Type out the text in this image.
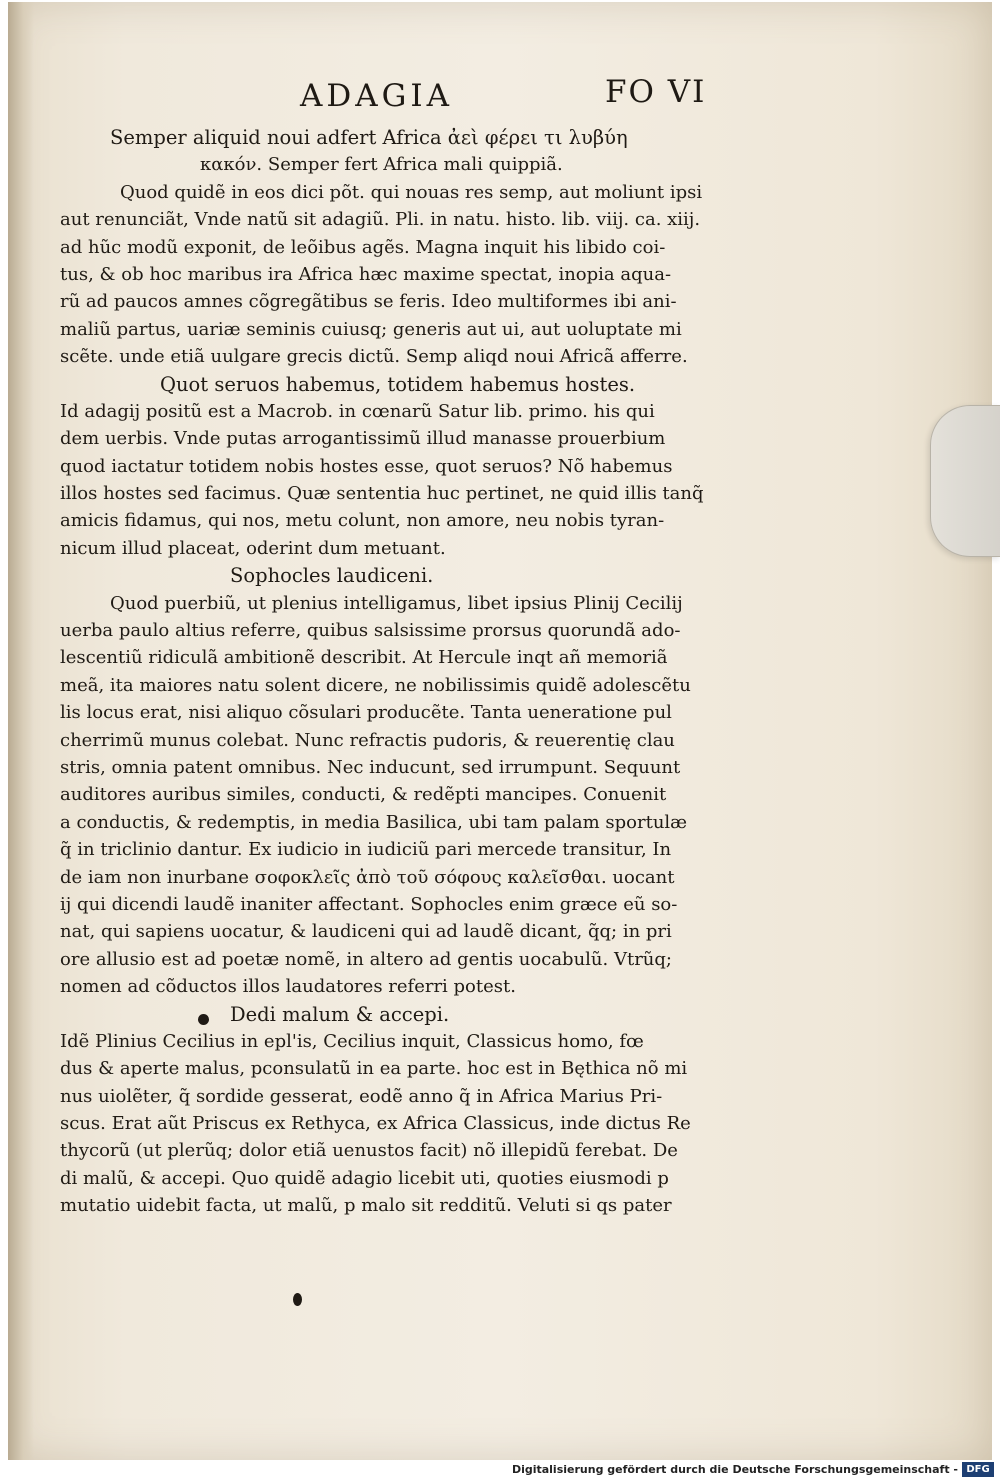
ADAGIA	FO VI
Semper aliquid noui adfert Africa ἀεὶ φέρει τι λυβύη
κακόν. Semper fert Africa mali quippiã.
Quod quidẽ in eos dici põt. qui nouas res semp, aut moliunt ipsi
aut renunciãt, Vnde natũ sit adagiũ. Pli. in natu. histo. lib. viij. ca. xiij.
ad hũc modũ exponit, de leõibus agẽs. Magna inquit his libido coi-
tus, & ob hoc maribus ira Africa hæc maxime spectat, inopia aqua-
rũ ad paucos amnes cõgregãtibus se feris. Ideo multiformes ibi ani-
maliũ partus, uariæ seminis cuiusq; generis aut ui, aut uoluptate mi
scẽte. unde etiã uulgare grecis dictũ. Semp aliqd noui Africã afferre.
Quot seruos habemus, totidem habemus hostes.
Id adagij positũ est a Macrob. in cœnarũ Satur lib. primo. his qui
dem uerbis. Vnde putas arrogantissimũ illud manasse prouerbium
quod iactatur totidem nobis hostes esse, quot seruos? Nõ habemus
illos hostes sed facimus. Quæ sententia huc pertinet, ne quid illis tanq̃
amicis fidamus, qui nos, metu colunt, non amore, neu nobis tyran-
nicum illud placeat, oderint dum metuant.
Sophocles laudiceni.
Quod puerbiũ, ut plenius intelligamus, libet ipsius Plinij Cecilij
uerba paulo altius referre, quibus salsissime prorsus quorundã ado-
lescentiũ ridiculã ambitionẽ describit. At Hercule inqt añ memoriã
meã, ita maiores natu solent dicere, ne nobilissimis quidẽ adolescẽtu
lis locus erat, nisi aliquo cõsulari producẽte. Tanta ueneratione pul
cherrimũ munus colebat. Nunc refractis pudoris, & reuerentię clau
stris, omnia patent omnibus. Nec inducunt, sed irrumpunt. Sequunt
auditores auribus similes, conducti, & redẽpti mancipes. Conuenit
a conductis, & redemptis, in media Basilica, ubi tam palam sportulæ
q̃ in triclinio dantur. Ex iudicio in iudiciũ pari mercede transitur, In
de iam non inurbane σοφοκλεῖς ἀπὸ τοῦ σόφους καλεῖσθαι. uocant
ij qui dicendi laudẽ inaniter affectant. Sophocles enim græce eũ so-
nat, qui sapiens uocatur, & laudiceni qui ad laudẽ dicant, q̃q; in pri
ore allusio est ad poetæ nomẽ, in altero ad gentis uocabulũ. Vtrũq;
nomen ad cõductos illos laudatores referri potest.
Dedi malum & accepi.
Idẽ Plinius Cecilius in epl'is, Cecilius inquit, Classicus homo, fœ
dus & aperte malus, pconsulatũ in ea parte. hoc est in Bęthica nõ mi
nus uiolẽter, q̃ sordide gesserat, eodẽ anno q̃ in Africa Marius Pri-
scus. Erat aũt Priscus ex Rethyca, ex Africa Classicus, inde dictus Re
thycorũ (ut plerũq; dolor etiã uenustos facit) nõ illepidũ ferebat. De
di malũ, & accepi. Quo quidẽ adagio licebit uti, quoties eiusmodi p
mutatio uidebit facta, ut malũ, p malo sit redditũ. Veluti si qs pater
Digitalisierung gefördert durch die Deutsche Forschungsgemeinschaft - DFG
